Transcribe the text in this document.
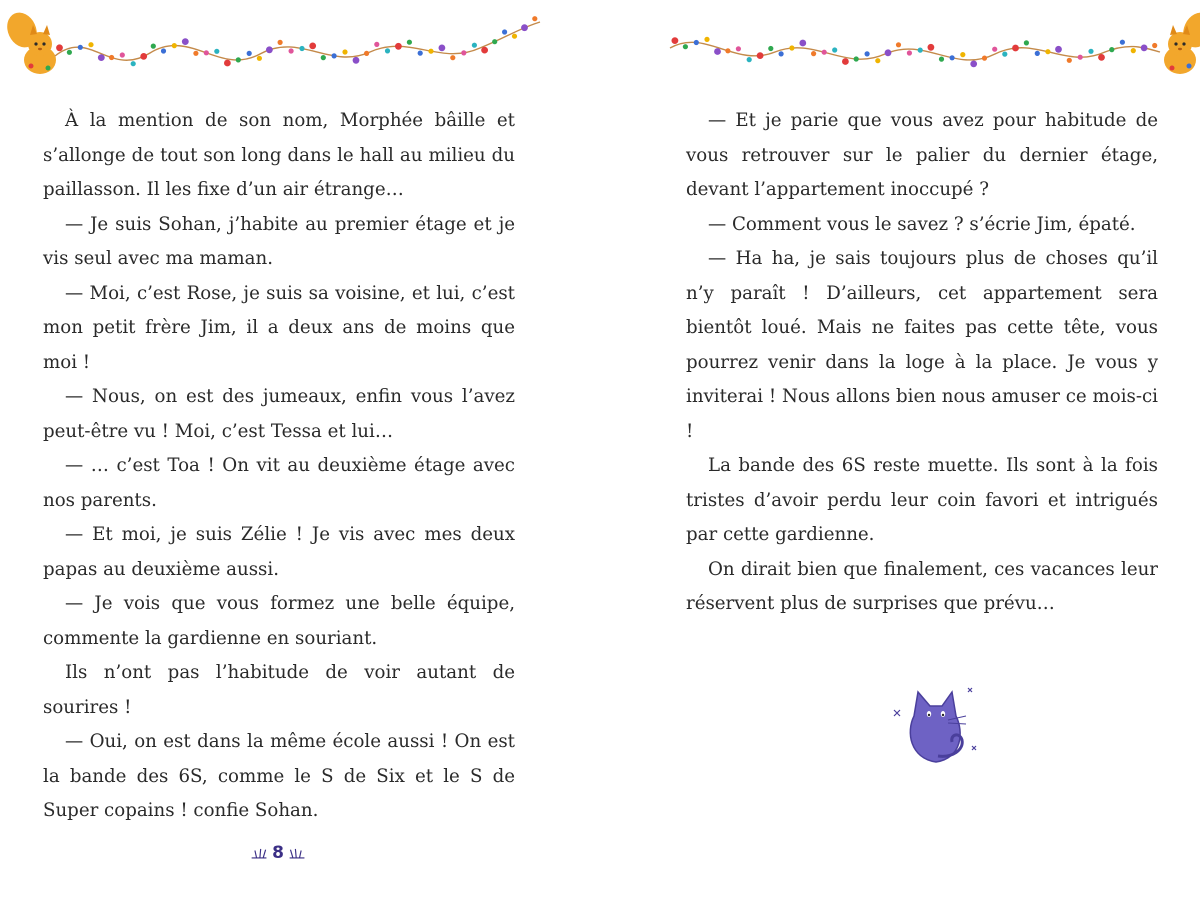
À la mention de son nom, Morphée bâille et s’allonge de tout son long dans le hall au milieu du paillasson. Il les fixe d’un air étrange…

— Je suis Sohan, j’habite au premier étage et je vis seul avec ma maman.

— Moi, c’est Rose, je suis sa voisine, et lui, c’est mon petit frère Jim, il a deux ans de moins que moi !

— Nous, on est des jumeaux, enfin vous l’avez peut-être vu ! Moi, c’est Tessa et lui…

— … c’est Toa ! On vit au deuxième étage avec nos parents.

— Et moi, je suis Zélie ! Je vis avec mes deux papas au deuxième aussi.

— Je vois que vous formez une belle équipe, commente la gardienne en souriant.

Ils n’ont pas l’habitude de voir autant de sourires !

— Oui, on est dans la même école aussi ! On est la bande des 6S, comme le S de Six et le S de Super copains ! confie Sohan.

8

— Et je parie que vous avez pour habitude de vous retrouver sur le palier du dernier étage, devant l’appartement inoccupé ?

— Comment vous le savez ? s’écrie Jim, épaté.

— Ha ha, je sais toujours plus de choses qu’il n’y paraît ! D’ailleurs, cet appartement sera bientôt loué. Mais ne faites pas cette tête, vous pourrez venir dans la loge à la place. Je vous y inviterai ! Nous allons bien nous amuser ce mois-ci !

La bande des 6S reste muette. Ils sont à la fois tristes d’avoir perdu leur coin favori et intrigués par cette gardienne.

On dirait bien que finalement, ces vacances leur réservent plus de surprises que prévu…
